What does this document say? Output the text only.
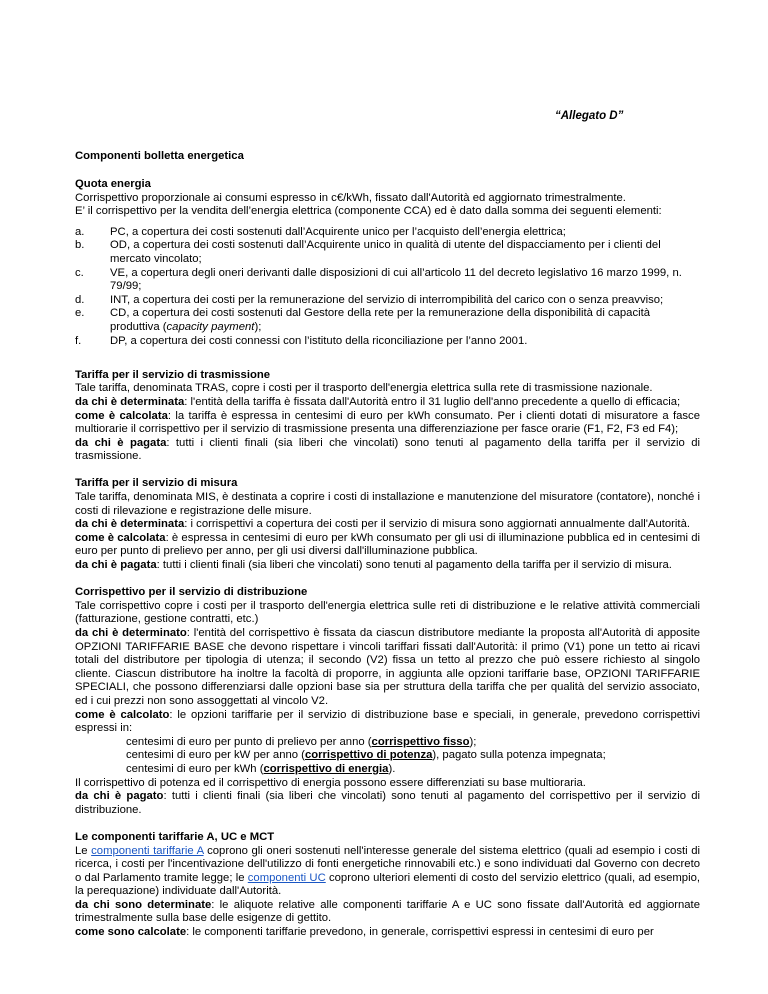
“Allegato D”
Componenti bolletta energetica

Quota energia

Corrispettivo proporzionale ai consumi espresso in c€/kWh, fissato dall'Autorità ed aggiornato trimestralmente.

E’ il corrispettivo per la vendita dell’energia elettrica (componente CCA) ed è dato dalla somma dei seguenti elementi:

a. PC, a copertura dei costi sostenuti dall’Acquirente unico per l’acquisto dell’energia elettrica;
b. OD, a copertura dei costi sostenuti dall’Acquirente unico in qualità di utente del dispacciamento per i clienti del mercato vincolato;
c. VE, a copertura degli oneri derivanti dalle disposizioni di cui all’articolo 11 del decreto legislativo 16 marzo 1999, n. 79/99;
d. INT, a copertura dei costi per la remunerazione del servizio di interrompibilità del carico con o senza preavviso;
e. CD, a copertura dei costi sostenuti dal Gestore della rete per la remunerazione della disponibilità di capacità produttiva (capacity payment);
f.	DP, a copertura dei costi connessi con l’istituto della riconciliazione per l’anno 2001.

Tariffa per il servizio di trasmissione

Tale tariffa, denominata TRAS, copre i costi per il trasporto dell'energia elettrica sulla rete di trasmissione nazionale.

da chi è determinata: l'entità della tariffa è fissata dall'Autorità entro il 31 luglio dell'anno precedente a quello di efficacia;

come è calcolata: la tariffa è espressa in centesimi di euro per kWh consumato. Per i clienti dotati di misuratore a fasce multiorarie il corrispettivo per il servizio di trasmissione presenta una differenziazione per fasce orarie (F1, F2, F3 ed F4);

da chi è pagata: tutti i clienti finali (sia liberi che vincolati) sono tenuti al pagamento della tariffa per il servizio di trasmissione.

Tariffa per il servizio di misura

Tale tariffa, denominata MIS, è destinata a coprire i costi di installazione e manutenzione del misuratore (contatore), nonché i costi di rilevazione e registrazione delle misure.

da chi è determinata: i corrispettivi a copertura dei costi per il servizio di misura sono aggiornati annualmente dall'Autorità.

come è calcolata: è espressa in centesimi di euro per kWh consumato per gli usi di illuminazione pubblica ed in centesimi di euro per punto di prelievo per anno, per gli usi diversi dall'illuminazione pubblica.

da chi è pagata: tutti i clienti finali (sia liberi che vincolati) sono tenuti al pagamento della tariffa per il servizio di misura.

Corrispettivo per il servizio di distribuzione

Tale corrispettivo copre i costi per il trasporto dell'energia elettrica sulle reti di distribuzione e le relative attività commerciali (fatturazione, gestione contratti, etc.)

da chi è determinato: l'entità del corrispettivo è fissata da ciascun distributore mediante la proposta all'Autorità di apposite OPZIONI TARIFFARIE BASE che devono rispettare i vincoli tariffari fissati dall'Autorità: il primo (V1) pone un tetto ai ricavi totali del distributore per tipologia di utenza; il secondo (V2) fissa un tetto al prezzo che può essere richiesto al singolo cliente. Ciascun distributore ha inoltre la facoltà di proporre, in aggiunta alle opzioni tariffarie base, OPZIONI TARIFFARIE SPECIALI, che possono differenziarsi dalle opzioni base sia per struttura della tariffa che per qualità del servizio associato, ed i cui prezzi non sono assoggettati al vincolo V2.

come è calcolato: le opzioni tariffarie per il servizio di distribuzione base e speciali, in generale, prevedono corrispettivi espressi in:

centesimi di euro per punto di prelievo per anno (corrispettivo fisso);

centesimi di euro per kW per anno (corrispettivo di potenza), pagato sulla potenza impegnata;

centesimi di euro per kWh (corrispettivo di energia).

Il corrispettivo di potenza ed il corrispettivo di energia possono essere differenziati su base multioraria.

da chi è pagato: tutti i clienti finali (sia liberi che vincolati) sono tenuti al pagamento del corrispettivo per il servizio di distribuzione.

Le componenti tariffarie A, UC e MCT

Le componenti tariffarie A coprono gli oneri sostenuti nell'interesse generale del sistema elettrico (quali ad esempio i costi di ricerca, i costi per l'incentivazione dell'utilizzo di fonti energetiche rinnovabili etc.) e sono individuati dal Governo con decreto o dal Parlamento tramite legge; le componenti UC coprono ulteriori elementi di costo del servizio elettrico (quali, ad esempio, la perequazione) individuate dall'Autorità.

da chi sono determinate: le aliquote relative alle componenti tariffarie A e UC sono fissate dall'Autorità ed aggiornate trimestralmente sulla base delle esigenze di gettito.

come sono calcolate: le componenti tariffarie prevedono, in generale, corrispettivi espressi in centesimi di euro per
